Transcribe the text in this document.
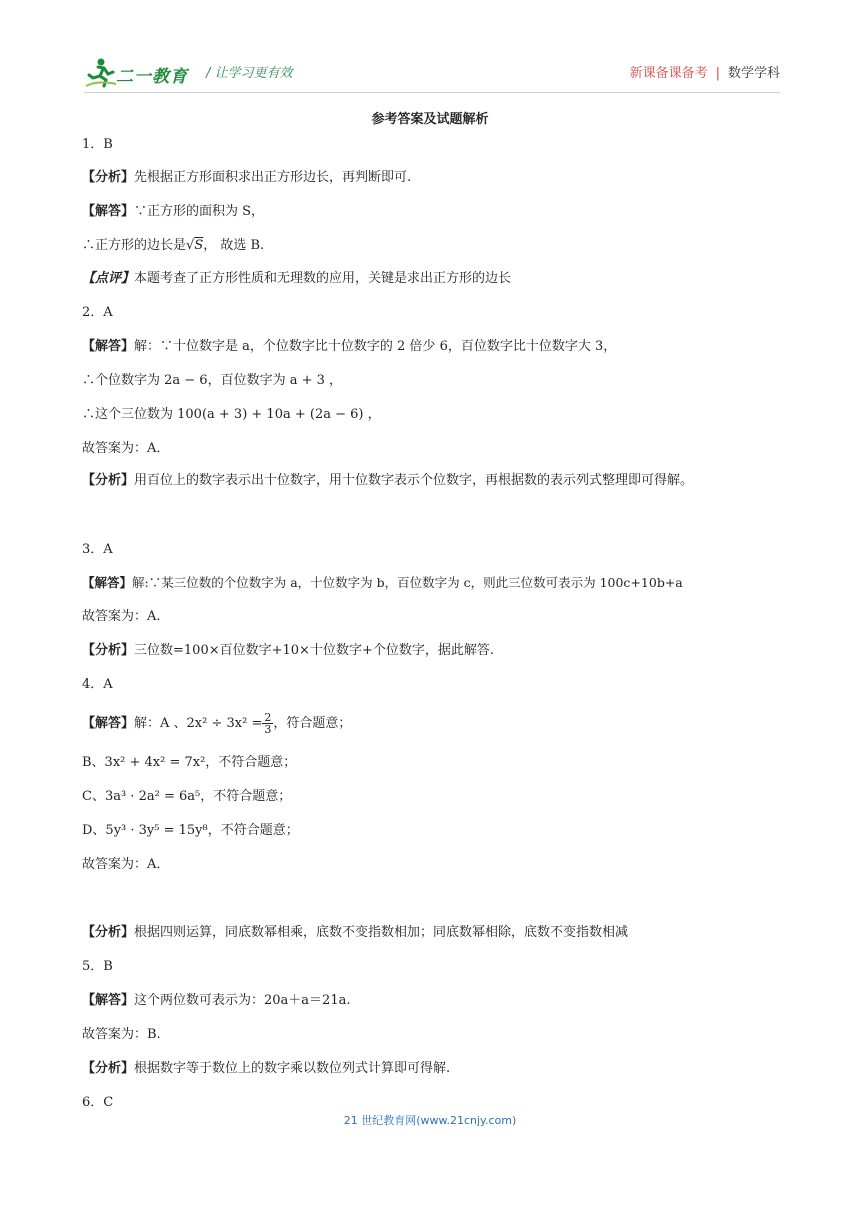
二一教育 / 让学习更有效	新课备课备考 | 数学学科
参考答案及试题解析
1．B
【分析】先根据正方形面积求出正方形边长，再判断即可.
【解答】∵正方形的面积为 S，
∴正方形的边长是√S， 故选 B.
【点评】本题考查了正方形性质和无理数的应用，关键是求出正方形的边长
2．A
【解答】解：∵十位数字是 a，个位数字比十位数字的 2 倍少 6，百位数字比十位数字大 3，
∴个位数字为 2a − 6，百位数字为 a + 3 ，
∴这个三位数为 100(a + 3) + 10a + (2a − 6) ，
故答案为：A．
【分析】用百位上的数字表示出十位数字，用十位数字表示个位数字，再根据数的表示列式整理即可得解。
3．A
【解答】解:∵某三位数的个位数字为 a，十位数字为 b，百位数字为 c，则此三位数可表示为 100c+10b+a
故答案为：A.
【分析】三位数=100×百位数字+10×十位数字+个位数字，据此解答.
4．A
【解答】解：A 、$2x^2 \div 3x^2 = \frac{2}{3}$ ，符合题意；
B、3x² + 4x² = 7x²，不符合题意；
C、3a³ · 2a² = 6a⁵，不符合题意；
D、5y³ · 3y⁵ = 15y⁸，不符合题意；
故答案为：A．
【分析】根据四则运算，同底数幂相乘，底数不变指数相加；同底数幂相除，底数不变指数相减
5．B
【解答】这个两位数可表示为：20a＋a＝21a.
故答案为：B.
【分析】根据数字等于数位上的数字乘以数位列式计算即可得解.
6．C
21 世纪教育网(www.21cnjy.com)
